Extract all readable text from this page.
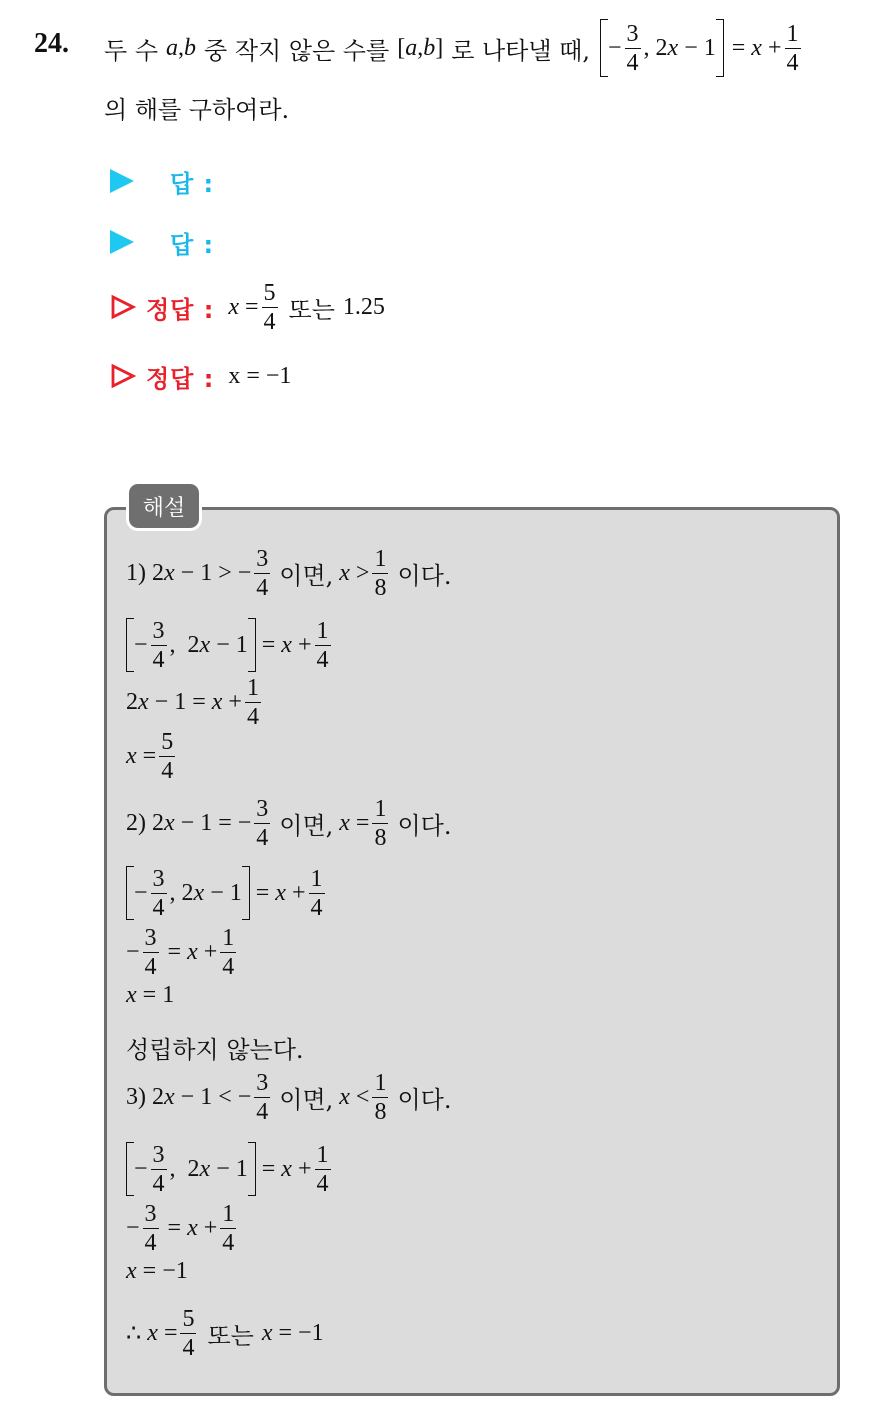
24. 두 수 a,b 중 작지 않은 수를 [a,b] 로 나타낼 때, − $\frac{3}{4}$ , $2x - 1 = x + \frac{1}{4}$
의 해를 구하여라.
답 :
답 :
정답 : $x = \frac{5}{4}$ 또는 1.25
정답 : x = −1
해설
1) 2 x − 1 > − $\frac{3}{4}$ 이면, $x > \frac{1}{8}$ 이다.
− $\frac{3}{4}$ ,  2 x − 1
= $x + \frac{1}{4}$
2 $x - 1 = x + \frac{1}{4}$
$x = \frac{5}{4}$
2) 2 x − 1 = − $\frac{3}{4}$ 이면, $x = \frac{1}{8}$ 이다.
− $\frac{3}{4}$ , 2 x − 1
= $x + \frac{1}{4}$
− $\frac{3}{4} = x + \frac{1}{4}$
x = 1
성립하지 않는다.
3) 2 x − 1 < − $\frac{3}{4}$ 이면, $x < \frac{1}{8}$ 이다.
− $\frac{3}{4}$ ,  2 x − 1
= $x + \frac{1}{4}$
− $\frac{3}{4} = x + \frac{1}{4}$
x = −1
∴
$x = \frac{5}{4}$ 또는 x = −1
